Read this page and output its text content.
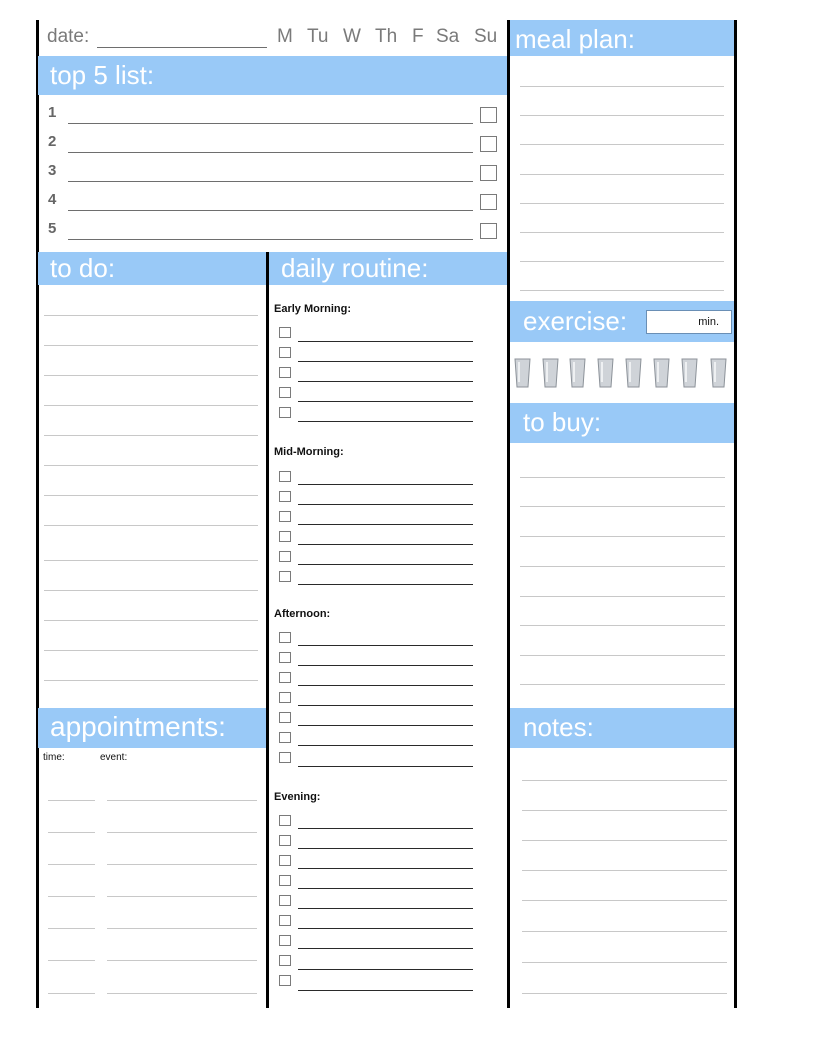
date:	M Tu W Th F Sa Su
top 5 list:
1
2
3
4
5
to do:
appointments:
time:	event:
daily routine:
Early Morning:
Mid-Morning:
Afternoon:
Evening:
meal plan:
exercise:	min.
to buy:
notes:
